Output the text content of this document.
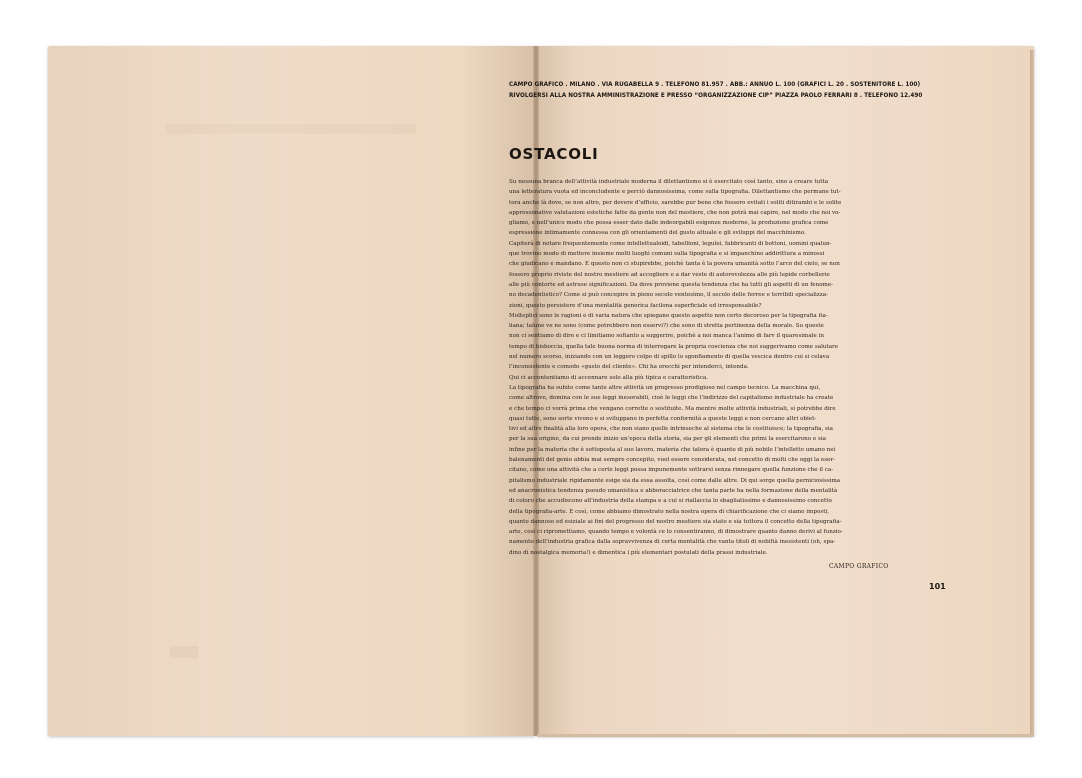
CAMPO GRAFICO . MILANO . VIA RUGABELLA 9 . TELEFONO 81.957 . ABB.: ANNUO L. 100 (GRAFICI L. 20 . SOSTENITORE L. 100)
RIVOLGERSI ALLA NOSTRA AMMINISTRAZIONE E PRESSO “ORGANIZZAZIONE CIP” PIAZZA PAOLO FERRARI 8 . TELEFONO 12.490
OSTACOLI
Su nessuna branca dell’attività industriale moderna il dilettantismo si è esercitato così tanto, sino a creare tutta
una letteratura vuota ed inconcludente e perciò dannosissima, come sulla tipografia. Dilettantismo che permane tut-
tora anche là dove, se non altro, per dovere d’ufficio, sarebbe pur bene che fossero evitati i soliti ditirambi e le solite
approssimative valutazioni estetiche fatte da gente non del mestiere, che non potrà mai capire, nel modo che noi vo-
gliamo, e nell’unico modo che possa esser dato dalle indeorgabili esigenze moderne, la produzione grafica come
espressione intimamente connessa con gli orientamenti del gusto attuale e gli sviluppi del macchinismo.
Capiterà di notare frequentemente come intellettualoidi, tabellioni, legulei, fabbricanti di bottoni, uomini qualun-
que trovino modo di mettere insieme molti luoghi comuni sulla tipografia e si impanchino addirittura a minossi
che giudicano e mandano. E questo non ci stupirebbe, poichè tanta è la povera umanità sotto l’arco del cielo, se non
fossero proprio riviste del nostro mestiere ad accogliere e a dar veste di autorevolezza alle più lepide corbellerie
alle più contorte ed astruse significazioni. Da dove proviene questa tendenza che ha tutti gli aspetti di un fenome-
no decadentistico? Come si può concepire in pieno secolo ventesimo, il secolo delle ferree e terribili specializza-
zioni, questo persistere d’una mentalità generica facilona superficiale ed irresponsabile?
Molteplici sono le ragioni e di varia natura che spiegano questo aspetto non certo decoroso per la tipografia ita-
liana; talune ve ne sono (come potrebbero non esservi?) che sono di stretta pertinenza della morale. Su queste
non ci sentiamo di dire e ci limitiamo soltanto a suggerire, poichè a noi manca l’animo di farv il quaresimale in
tempo di bisboccia, quella tale buona norma di interrogare la propria coscienza che noi suggerivamo come salutare
nel numero scorso, iniziando con un leggero colpo di spillo lo sgonfiamento di quella vescica dentro cui si celava
l’inconsistente e comodo «gusto del cliente». Chi ha orecchi per intenderci, intenda.
Qui ci accontentiamo di accennare solo alla più tipica e caratteristica.
La tipografia ha subito come tante altre attività un progresso prodigioso nel campo tecnico. La macchina qui,
come altrove, domina con le sue leggi inesorabili, cioè le leggi che l’indirizzo del capitalismo industriale ha create
e che tempo ci vorrà prima che vengano corrette o sostituite. Ma mentre molte attività industriali, si potrebbe dire
quasi tutte, sono sorte vivono e si sviluppano in perfetta conformità a queste leggi e non cercano altri obiet-
tivi ed altre finalità alla loro opera, che non siano quelle intrinseche al sistema che le costituisce; la tipografia, sia
per la sua origine, da cui prende inizio un’epoca della storia, sia per gli elementi che primi la esercitarono e sia
infine per la materia che è sottoposta al suo lavoro, materia che talora è quanto di più nobile l’intelletto umano nei
balenamenti del genio abbia mai sempre concepito, vuol essere considerata, nel concetto di molti che oggi la eser-
citano, come una attività che a certe leggi possa impunemente sottrarsi senza rinnegare quella funzione che il ca-
pitalismo industriale rigidamente esige sia da essa assolta, così come dalle altre. Di qui sorge quella perniciosissima
ed anacronistica tendenza pseudo umanistica e abboracciatrice che tanta parte ha nella formazione della mentalità
di coloro che accudiscono all’industria della stampa e a cui si riallaccia lo sbagliatissimo e dannosissimo concetto
della tipografia-arte. E così, come abbiamo dimostrato nella nostra opera di chiarificazione che ci siamo imposti,
quanto dannoso ed esiziale ai fini del progresso del nostro mestiere sia stato e sia tuttora il concetto della tipografia-
arte, così ci ripromettiamo, quando tempo e volontà ce lo consentiranno, di dimostrare quanto danno derivi al funzio-
namento dell’industria grafica dalla sopravvivenza di certa mentalità che vanta titoli di nobiltà inesistenti (oh, spa-
dino di nostalgica memoria!) e dimentica i più elementari postulati della prassi industriale.
CAMPO GRAFICO
101
